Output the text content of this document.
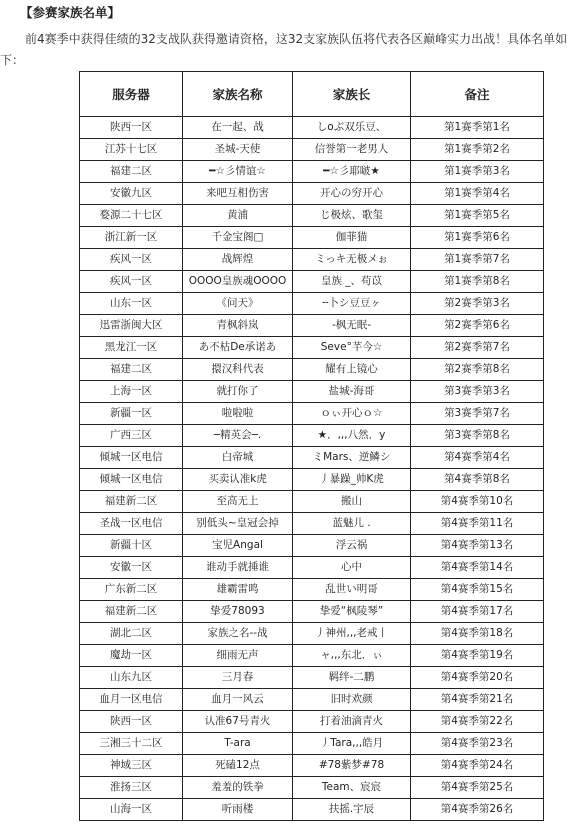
【参赛家族名单】

前4赛季中获得佳绩的32支战队获得邀请资格，这32支家族队伍将代表各区巅峰实力出战！具体名单如下：

服务器	家族名称	家族长	备注
陕西一区	在一起、战	しoぶ双乐豆、	第1赛季第1名
江苏十七区	圣城-天使	信誉第一老男人	第1赛季第2名
福建二区	━☆彡情谊☆	━☆彡耶啵★	第1赛季第3名
安徽九区	来吧互相伤害	开心の穷开心	第1赛季第4名
婺源二十七区	黄浦	じ极炫、歌玺	第1赛季第5名
浙江新一区	千金宝阁□	伽菲猫	第1赛季第6名
疾风一区	战辉煌	ミっキ无极メぉ	第1赛季第7名
疾风一区	OOOO皇族魂OOOO	皇族 _、苟苡	第1赛季第8名
山东一区	《问天》	╌卜シ豆豆ヶ	第2赛季第3名
迅雷浙闽大区	青枫斜岚	-枫无眠-	第2赛季第6名
黑龙江一区	あ不枯De承诺あ	Seve°芊今☆	第2赛季第7名
福建二区	擐汉科代表	耀有上镜心	第2赛季第8名
上海一区	就打你了	盐城-海哥	第3赛季第3名
新疆一区	啦啦啦	ｏぃ开心ｏ☆	第3赛季第7名
广西三区	─精英会─.	★．,,,八然．y	第3赛季第8名
倾城一区电信	白帝城	ミMars、逆鳞シ	第4赛季第4名
倾城一区电信	买卖认准k虎	丿暴躁_帅K虎	第4赛季第8名
福建新二区	至高无上	搬山	第4赛季第10名
圣战一区电信	别低头~皇冠会掉	蓝魅儿 .	第4赛季第11名
新疆十区	宝児Angal	浮云祸	第4赛季第13名
安徽一区	谁动手就捶谁	心中	第4赛季第14名
广东新二区	雄霸雷鸣	乱世い明哥	第4赛季第15名
福建新二区	挚爱78093	挚爱“枫陵琴”	第4赛季第17名
湖北二区	家族之名--战	丿神州,,,老戒丨	第4赛季第18名
魔劫一区	细雨无声	ャ,,,东北．ぃ	第4赛季第19名
山东九区	三月春	羁绊-二鹏	第4赛季第20名
血月一区电信	血月一风云	旧时欢颜	第4赛季第21名
陕西一区	认准67号青火	打着油滴青火	第4赛季第22名
三湘三十二区	T-ara	丿Tara,,,皓月	第4赛季第23名
神域三区	死磕12点	#78紫梦#78	第4赛季第24名
淮扬三区	羞羞的铁拳	Team、宸宸	第4赛季第25名
山海一区	听雨楼	扶摇.宇辰	第4赛季第26名
